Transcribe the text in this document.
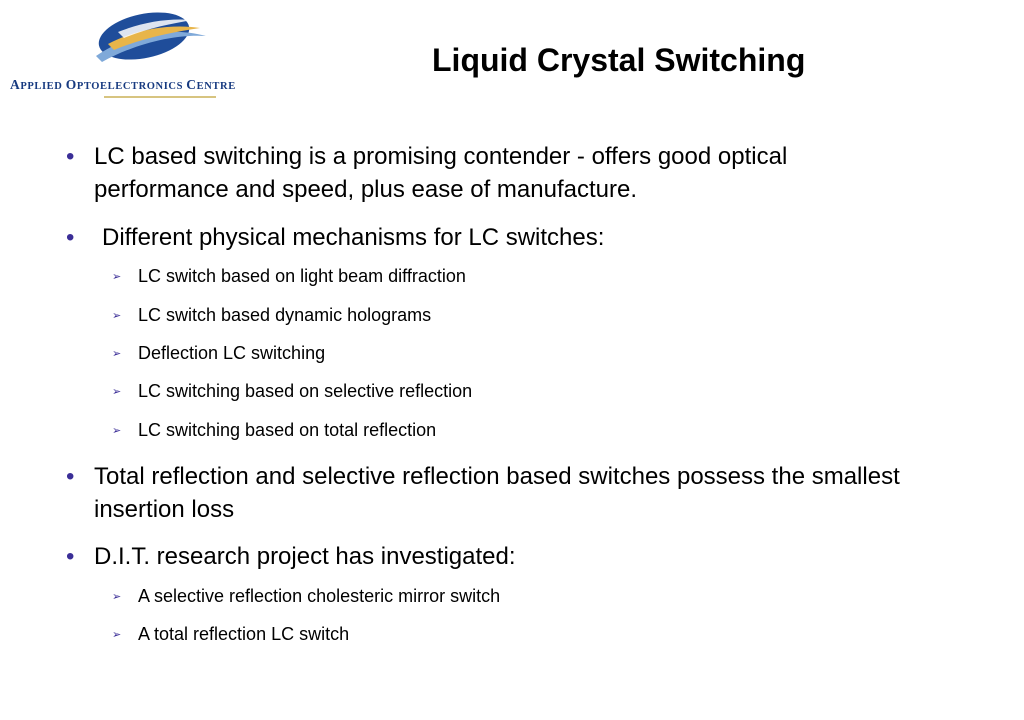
APPLIED OPTOELECTRONICS CENTRE
Liquid Crystal Switching
• LC based switching is a promising contender - offers good optical performance and speed, plus ease of manufacture.
• Different physical mechanisms for LC switches:
➢ LC switch based on light beam diffraction
➢ LC switch based dynamic holograms
➢ Deflection LC switching
➢ LC switching based on selective reflection
➢ LC switching based on total reflection
• Total reflection and selective reflection based switches possess the smallest insertion loss
• D.I.T. research project has investigated:
➢ A selective reflection cholesteric mirror switch
➢ A total reflection LC switch
